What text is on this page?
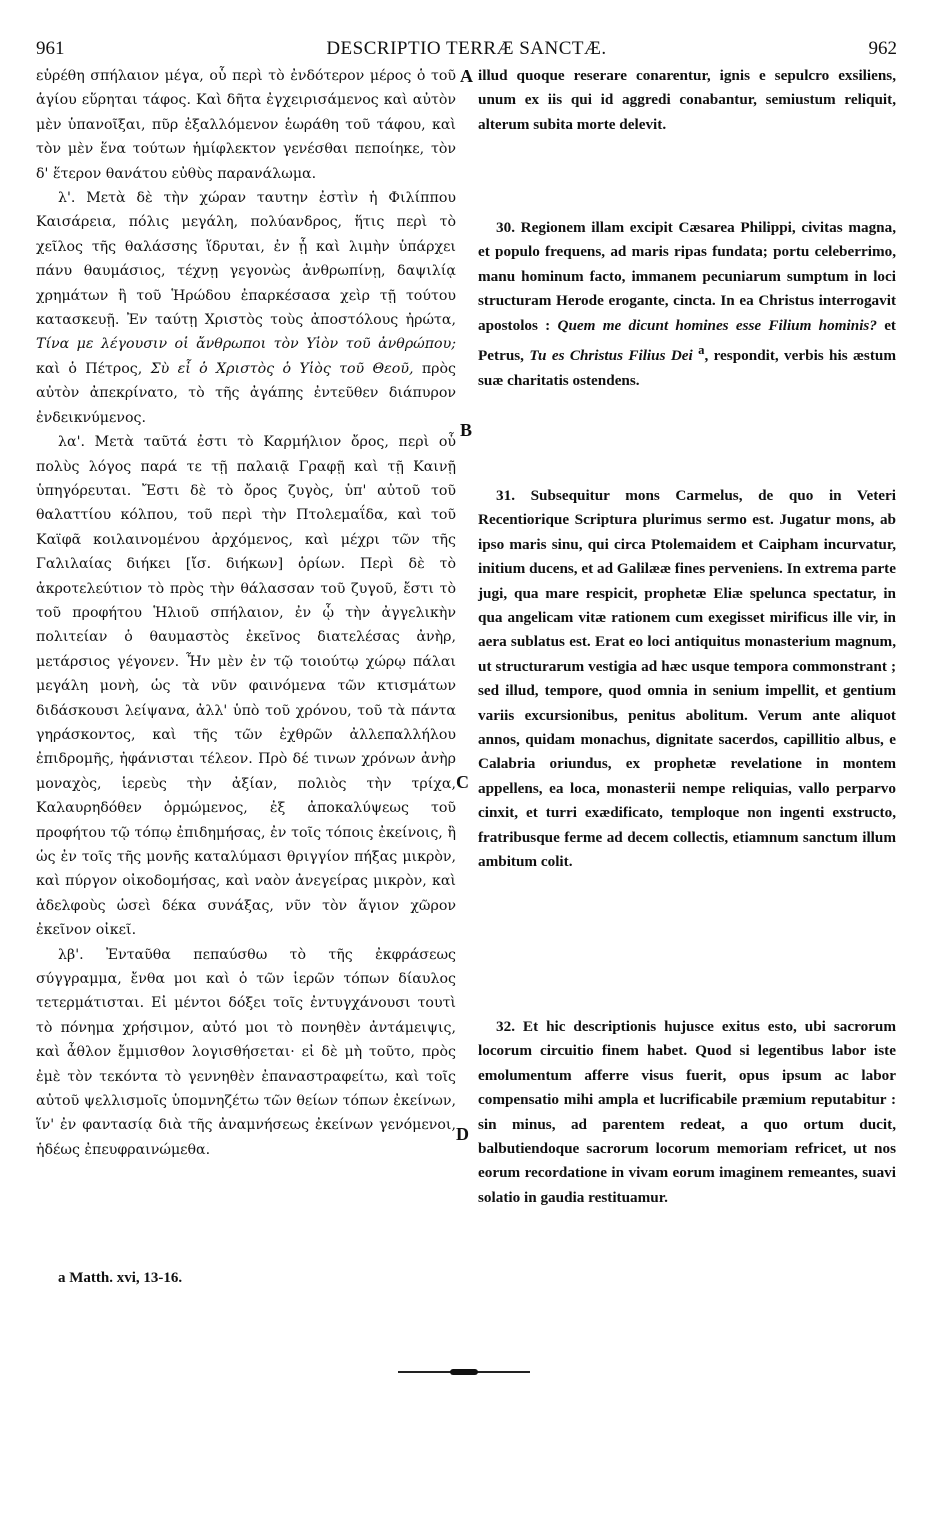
961	DESCRIPTIO TERRÆ SANCTÆ.	962

εὑρέθη σπήλαιον μέγα, οὗ περὶ τὸ ἐνδότερον μέρος ὁ τοῦ ἁγίου εὕρηται τάφος. Καὶ δῆτα ἐγχειρισάμενος καὶ αὐτὸν μὲν ὑπανοῖξαι, πῦρ ἐξαλλόμενον ἑωράθη τοῦ τάφου, καὶ τὸν μὲν ἕνα τούτων ἡμίφλεκτον γενέσθαι πεποίηκε, τὸν δ' ἕτερον θανάτου εὐθὺς παρανάλωμα.

λ'. Μετὰ δὲ τὴν χώραν ταυτην ἐστὶν ἡ Φιλίππου Καισάρεια, πόλις μεγάλη, πολύανδρος, ἥτις περὶ τὸ χεῖλος τῆς θαλάσσης ἵδρυται, ἐν ᾗ καὶ λιμὴν ὑπάρχει πάνυ θαυμάσιος, τέχνῃ γεγονὼς ἀνθρωπίνῃ, δαψιλίᾳ χρημάτων ἢ τοῦ Ἡρώδου ἐπαρκέσασα χεὶρ τῇ τούτου κατασκευῇ. Ἐν ταύτῃ Χριστὸς τοὺς ἀποστόλους ἠρώτα, Τίνα με λέγουσιν οἱ ἄνθρωποι τὸν Υἱὸν τοῦ ἀνθρώπου; καὶ ὁ Πέτρος, Σὺ εἶ ὁ Χριστὸς ὁ Υἱὸς τοῦ Θεοῦ, πρὸς αὐτὸν ἀπεκρίνατο, τὸ τῆς ἀγάπης ἐντεῦθεν διάπυρον ἐνδεικνύμενος.

λα'. Μετὰ ταῦτά ἐστι τὸ Καρμήλιον ὄρος, περὶ οὗ πολὺς λόγος παρά τε τῇ παλαιᾷ Γραφῇ καὶ τῇ Καινῇ ὑπηγόρευται. Ἔστι δὲ τὸ ὄρος ζυγὸς, ὑπ' αὐτοῦ τοῦ θαλαττίου κόλπου, τοῦ περὶ τὴν Πτολεμαΐδα, καὶ τοῦ Καϊφᾶ κοιλαινομένου ἀρχόμενος, καὶ μέχρι τῶν τῆς Γαλιλαίας διήκει [ἴσ. διήκων] ὁρίων. Περὶ δὲ τὸ ἀκροτελεύτιον τὸ πρὸς τὴν θάλασσαν τοῦ ζυγοῦ, ἔστι τὸ τοῦ προφήτου Ἡλιοῦ σπήλαιον, ἐν ᾧ τὴν ἀγγελικὴν πολιτείαν ὁ θαυμαστὸς ἐκεῖνος διατελέσας ἀνὴρ, μετάρσιος γέγονεν. Ἦν μὲν ἐν τῷ τοιούτῳ χώρῳ πάλαι μεγάλη μονὴ, ὡς τὰ νῦν φαινόμενα τῶν κτισμάτων διδάσκουσι λείψανα, ἀλλ' ὑπὸ τοῦ χρόνου, τοῦ τὰ πάντα γηράσκοντος, καὶ τῆς τῶν ἐχθρῶν ἀλλεπαλλήλου ἐπιδρομῆς, ἠφάνισται τέλεον. Πρὸ δέ τινων χρόνων ἀνὴρ μοναχὸς, ἱερεὺς τὴν ἀξίαν, πολιὸς τὴν τρίχα, Καλαυρηδόθεν ὁρμώμενος, ἐξ ἀποκαλύψεως τοῦ προφήτου τῷ τόπῳ ἐπιδημήσας, ἐν τοῖς τόποις ἐκείνοις, ἢ ὡς ἐν τοῖς τῆς μονῆς καταλύμασι θριγγίον πήξας μικρὸν, καὶ πύργον οἰκοδομήσας, καὶ ναὸν ἀνεγείρας μικρὸν, καὶ ἀδελφοὺς ὡσεὶ δέκα συνάξας, νῦν τὸν ἅγιον χῶρον ἐκεῖνον οἰκεῖ.

λβ'. Ἐνταῦθα πεπαύσθω τὸ τῆς ἐκφράσεως σύγγραμμα, ἔνθα μοι καὶ ὁ τῶν ἱερῶν τόπων δίαυλος τετερμάτισται. Εἰ μέντοι δόξει τοῖς ἐντυγχάνουσι τουτὶ τὸ πόνημα χρήσιμον, αὐτό μοι τὸ πονηθὲν ἀντάμειψις, καὶ ἆθλον ἔμμισθον λογισθήσεται· εἰ δὲ μὴ τοῦτο, πρὸς ἐμὲ τὸν τεκόντα τὸ γεννηθὲν ἐπαναστραφείτω, καὶ τοῖς αὐτοῦ ψελλισμοῖς ὑπομνηζέτω τῶν θείων τόπων ἐκείνων, ἵν' ἐν φαντασίᾳ διὰ τῆς ἀναμνήσεως ἐκείνων γενόμενοι, ἡδέως ἐπευφραινώμεθα.

A
B
C
D

illud quoque reserare conarentur, ignis e sepulcro exsiliens, unum ex iis qui id aggredi conabantur, semiustum reliquit, alterum subita morte delevit.

30. Regionem illam excipit Cæsarea Philippi, civitas magna, et populo frequens, ad maris ripas fundata; portu celeberrimo, manu hominum facto, immanem pecuniarum sumptum in loci structuram Herode erogante, cincta. In ea Christus interrogavit apostolos : Quem me dicunt homines esse Filium hominis? et Petrus, Tu es Christus Filius Dei $^a$, respondit, verbis his æstum suæ charitatis ostendens.

31. Subsequitur mons Carmelus, de quo in Veteri Recentiorique Scriptura plurimus sermo est. Jugatur mons, ab ipso maris sinu, qui circa Ptolemaidem et Caipham incurvatur, initium ducens, et ad Galilææ fines perveniens. In extrema parte jugi, qua mare respicit, prophetæ Eliæ spelunca spectatur, in qua angelicam vitæ rationem cum exegisset mirificus ille vir, in aera sublatus est. Erat eo loci antiquitus monasterium magnum, ut structurarum vestigia ad hæc usque tempora commonstrant ; sed illud, tempore, quod omnia in senium impellit, et gentium variis excursionibus, penitus abolitum. Verum ante aliquot annos, quidam monachus, dignitate sacerdos, capillitio albus, e Calabria oriundus, ex prophetæ revelatione in montem appellens, ea loca, monasterii nempe reliquias, vallo perparvo cinxit, et turri exædificato, temploque non ingenti exstructo, fratribusque ferme ad decem collectis, etiamnum sanctum illum ambitum colit.

32. Et hic descriptionis hujusce exitus esto, ubi sacrorum locorum circuitio finem habet. Quod si legentibus labor iste emolumentum afferre visus fuerit, opus ipsum ac labor compensatio mihi ampla et lucrificabile præmium reputabitur : sin minus, ad parentem redeat, a quo ortum ducit, balbutiendoque sacrorum locorum memoriam refricet, ut nos eorum recordatione in vivam eorum imaginem remeantes, suavi solatio in gaudia restituamur.

a Matth. xvi, 13-16.
